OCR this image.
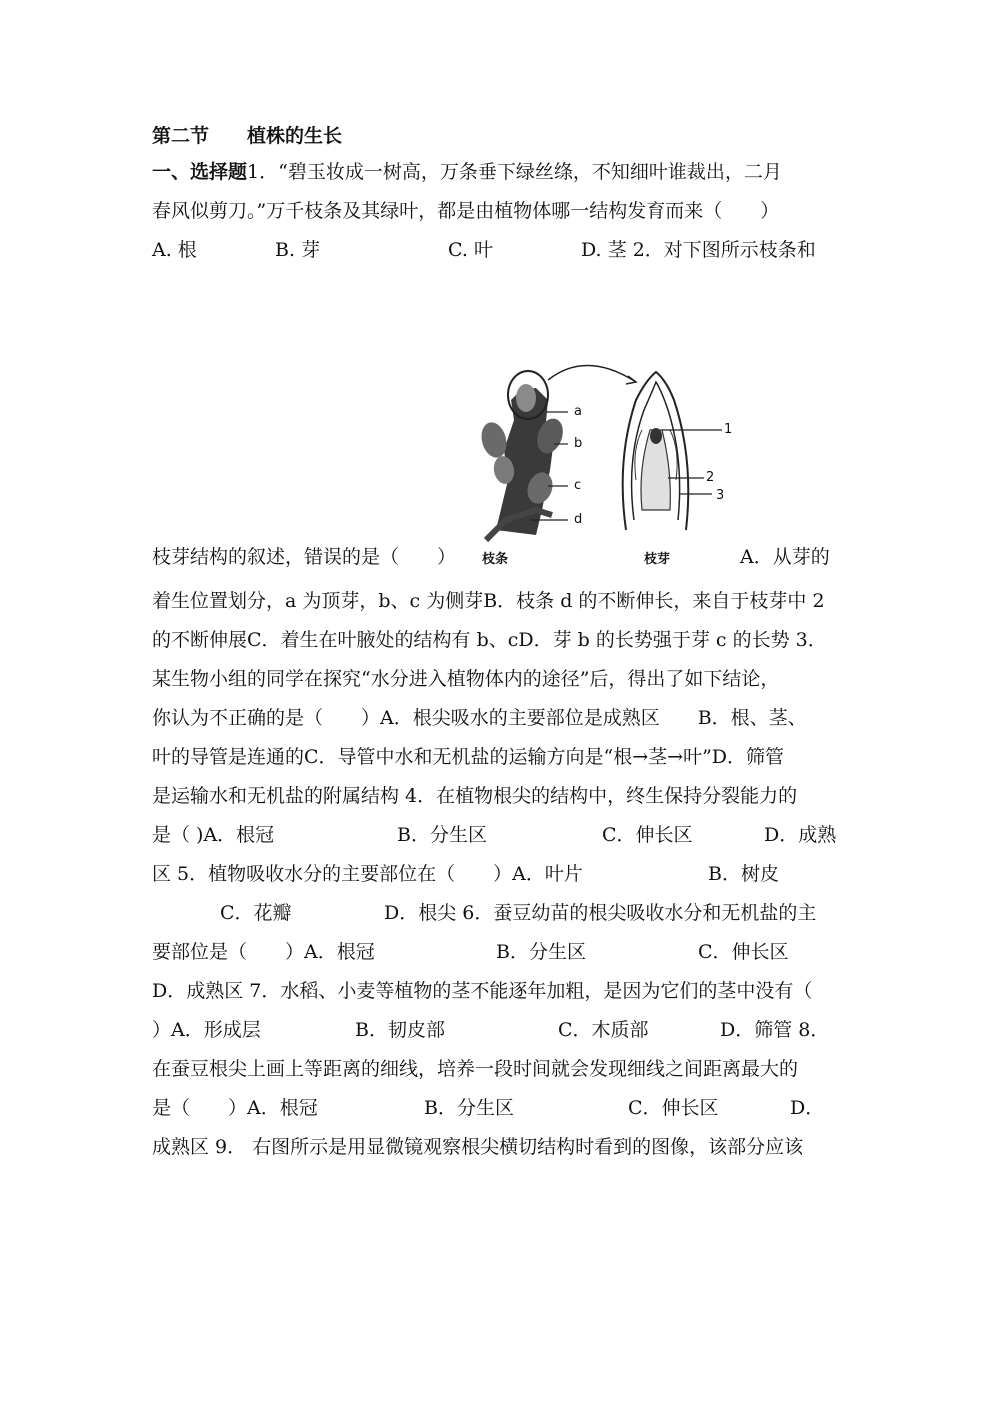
第二节　　植株的生长
一、选择题1．“碧玉妆成一树高，万条垂下绿丝绦，不知细叶谁裁出，二月
春风似剪刀。”万千枝条及其绿叶，都是由植物体哪一结构发育而来（　　）
A. 根	B. 芽	C. 叶	D. 茎 2．对下图所示枝条和
a
b
c
d
1
2
3
枝条	枝芽
枝芽结构的叙述，错误的是（　　）	A．从芽的
着生位置划分，a 为顶芽，b、c 为侧芽B．枝条 d 的不断伸长，来自于枝芽中 2
的不断伸展C．着生在叶腋处的结构有 b、cD．芽 b 的长势强于芽 c 的长势 3．
某生物小组的同学在探究“水分进入植物体内的途径”后，得出了如下结论，
你认为不正确的是（　　）A．根尖吸水的主要部位是成熟区　　B．根、茎、
叶的导管是连通的C．导管中水和无机盐的运输方向是“根→茎→叶”D．筛管
是运输水和无机盐的附属结构 4．在植物根尖的结构中，终生保持分裂能力的
是（ )A．根冠	B．分生区	C．伸长区	D．成熟
区 5．植物吸收水分的主要部位在（　　）A．叶片	B．树皮
C．花瓣	D．根尖 6．蚕豆幼苗的根尖吸收水分和无机盐的主
要部位是（　　）A．根冠	B．分生区	C．伸长区
D．成熟区 7．水稻、小麦等植物的茎不能逐年加粗，是因为它们的茎中没有（
）A．形成层	B．韧皮部	C．木质部	D．筛管 8．
在蚕豆根尖上画上等距离的细线，培养一段时间就会发现细线之间距离最大的
是（　　）A．根冠	B．分生区	C．伸长区	D．
成熟区 9． 右图所示是用显微镜观察根尖横切结构时看到的图像，该部分应该
